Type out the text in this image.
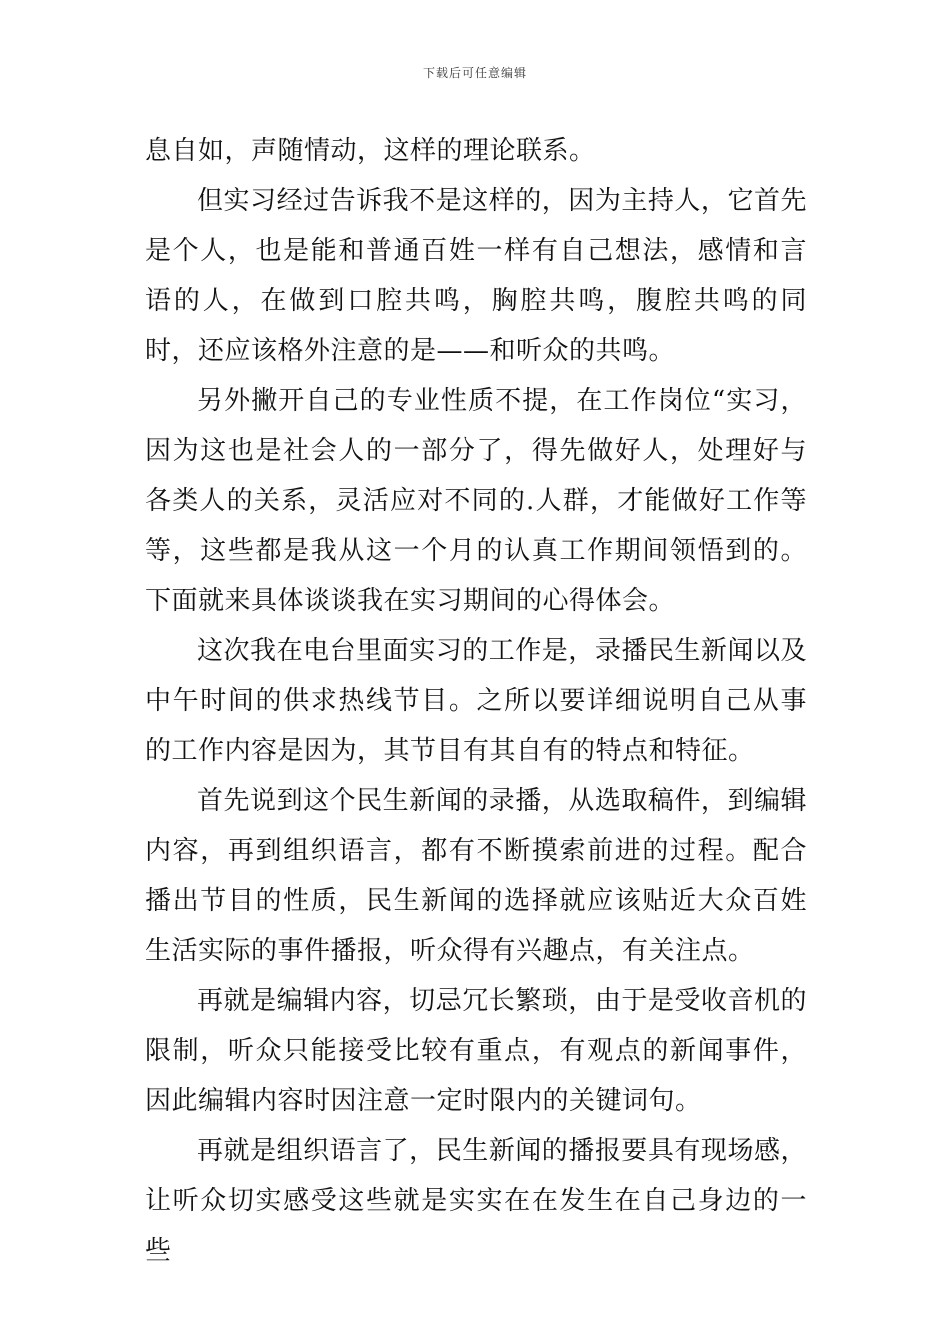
下载后可任意编辑

息自如，声随情动，这样的理论联系。

但实习经过告诉我不是这样的，因为主持人，它首先是个人，也是能和普通百姓一样有自己想法，感情和言语的人，在做到口腔共鸣，胸腔共鸣，腹腔共鸣的同时，还应该格外注意的是——和听众的共鸣。

另外撇开自己的专业性质不提，在工作岗位“实习，因为这也是社会人的一部分了，得先做好人，处理好与各类人的关系，灵活应对不同的.人群，才能做好工作等等，这些都是我从这一个月的认真工作期间领悟到的。下面就来具体谈谈我在实习期间的心得体会。

这次我在电台里面实习的工作是，录播民生新闻以及中午时间的供求热线节目。之所以要详细说明自己从事的工作内容是因为，其节目有其自有的特点和特征。

首先说到这个民生新闻的录播，从选取稿件，到编辑内容，再到组织语言，都有不断摸索前进的过程。配合播出节目的性质，民生新闻的选择就应该贴近大众百姓生活实际的事件播报，听众得有兴趣点，有关注点。

再就是编辑内容，切忌冗长繁琐，由于是受收音机的限制，听众只能接受比较有重点，有观点的新闻事件，因此编辑内容时因注意一定时限内的关键词句。

再就是组织语言了，民生新闻的播报要具有现场感，让听众切实感受这些就是实实在在发生在自己身边的一些
